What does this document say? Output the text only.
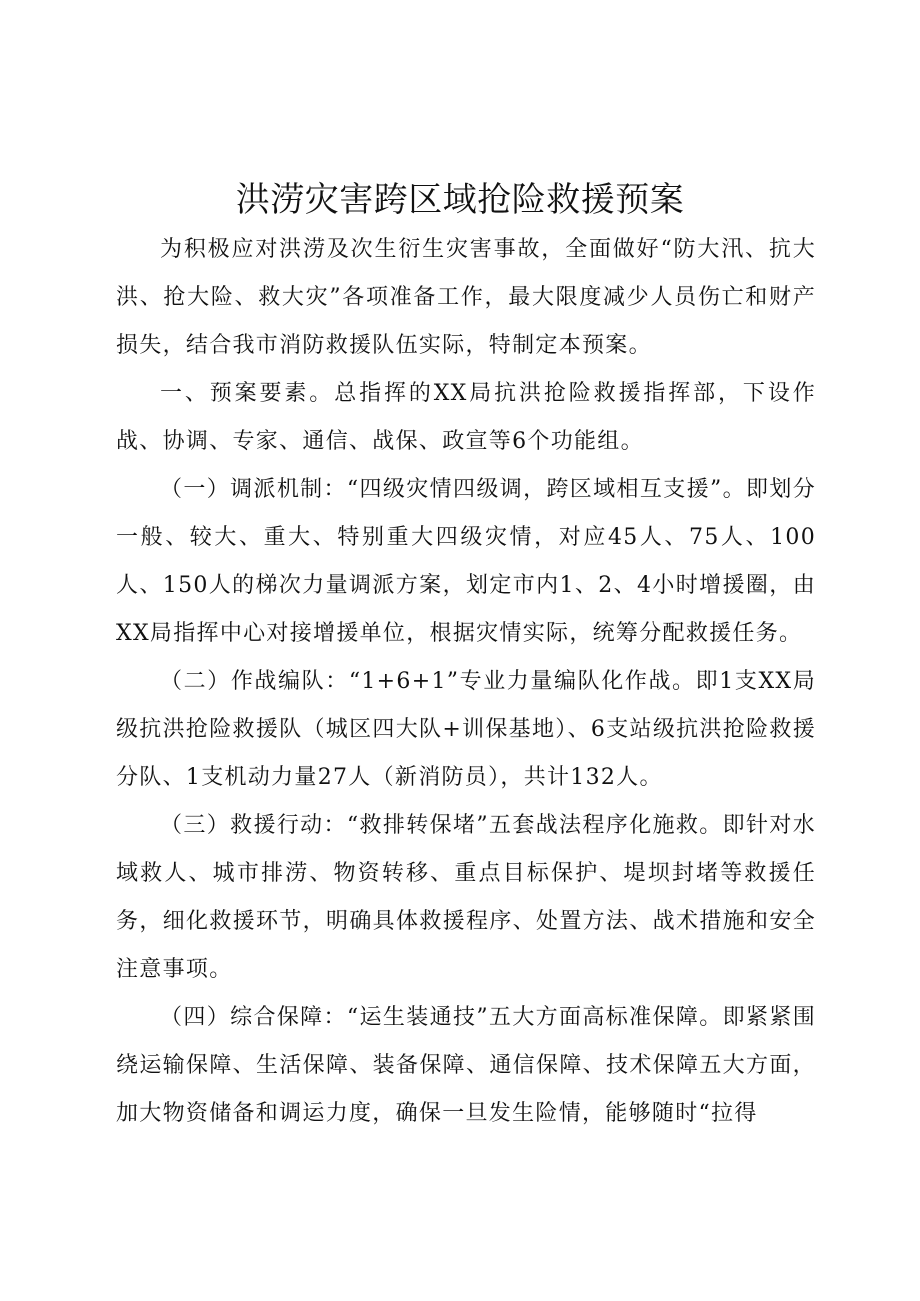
洪涝灾害跨区域抢险救援预案

为积极应对洪涝及次生衍生灾害事故，全面做好“防大汛、抗大洪、抢大险、救大灾”各项准备工作，最大限度减少人员伤亡和财产损失，结合我市消防救援队伍实际，特制定本预案。

一、预案要素。总指挥的XX局抗洪抢险救援指挥部，下设作战、协调、专家、通信、战保、政宣等6个功能组。

（一）调派机制：“四级灾情四级调，跨区域相互支援”。即划分一般、较大、重大、特别重大四级灾情，对应45人、75人、100人、150人的梯次力量调派方案，划定市内1、2、4小时增援圈，由XX局指挥中心对接增援单位，根据灾情实际，统筹分配救援任务。

（二）作战编队：“1+6+1”专业力量编队化作战。即1支XX局级抗洪抢险救援队（城区四大队+训保基地）、6支站级抗洪抢险救援分队、1支机动力量27人（新消防员），共计132人。

（三）救援行动：“救排转保堵”五套战法程序化施救。即针对水域救人、城市排涝、物资转移、重点目标保护、堤坝封堵等救援任务，细化救援环节，明确具体救援程序、处置方法、战术措施和安全注意事项。

（四）综合保障：“运生装通技”五大方面高标准保障。即紧紧围绕运输保障、生活保障、装备保障、通信保障、技术保障五大方面，加大物资储备和调运力度，确保一旦发生险情，能够随时“拉得
